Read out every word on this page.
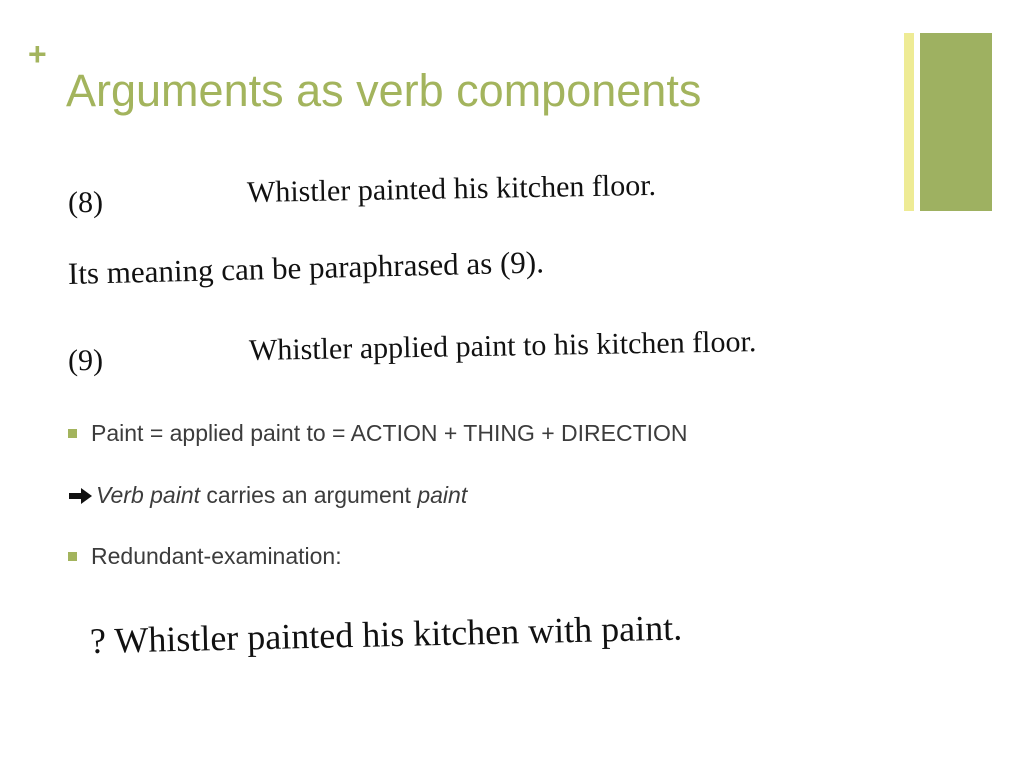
+
Arguments as verb components
(8)	Whistler painted his kitchen floor.
Its meaning can be paraphrased as (9).
(9)	Whistler applied paint to his kitchen floor.
Paint = applied paint to = ACTION + THING + DIRECTION
Verb paint carries an argument paint
Redundant-examination:
? Whistler painted his kitchen with paint.
